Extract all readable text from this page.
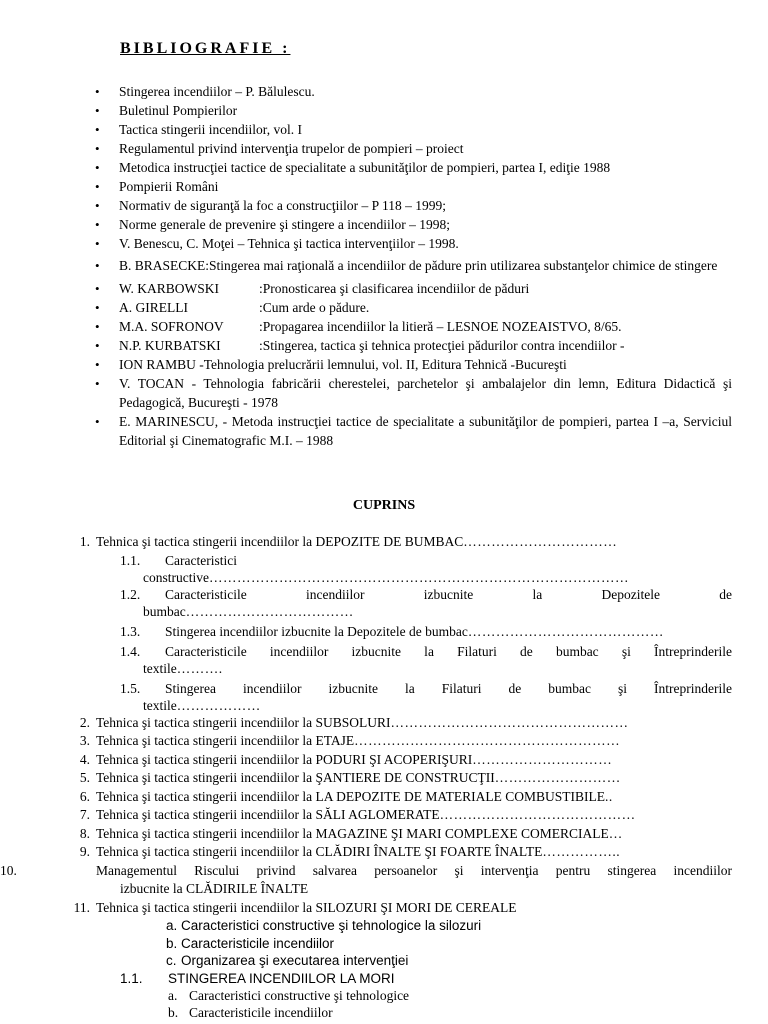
BIBLIOGRAFIE :
• Stingerea incendiilor – P. Bălulescu.
• Buletinul Pompierilor
• Tactica stingerii incendiilor, vol. I
• Regulamentul privind intervenţia trupelor de pompieri – proiect
• Metodica instrucţiei tactice de specialitate a subunităţilor de pompieri, partea I, ediţie 1988
• Pompierii Români
• Normativ de siguranţă la foc a construcţiilor – P 118 – 1999;
• Norme generale de prevenire şi stingere a incendiilor – 1998;
• V. Benescu, C. Moţei – Tehnica şi tactica intervenţiilor – 1998.
• B. BRASECKE:Stingerea mai raţională a incendiilor de pădure prin utilizarea substanţelor chimice de stingere
• W. KARBOWSKI	:Pronosticarea şi clasificarea incendiilor de păduri
• A. GIRELLI	:Cum arde o pădure.
• M.A. SOFRONOV	:Propagarea incendiilor la litieră – LESNOE NOZEAISTVO, 8/65.
• N.P. KURBATSKI	:Stingerea, tactica şi tehnica protecţiei pădurilor contra incendiilor -
• ION RAMBU -Tehnologia prelucrării lemnului, vol. II, Editura Tehnică -Bucureşti
• V. TOCAN - Tehnologia fabricării cherestelei, parchetelor şi ambalajelor din lemn, Editura Didactică şi Pedagogică, Bucureşti - 1978
• E. MARINESCU, - Metoda instrucţiei tactice de specialitate a subunităţilor de pompieri, partea I –a, Serviciul Editorial şi Cinematografic M.I. – 1988
CUPRINS
1. Tehnica şi tactica stingerii incendiilor la DEPOZITE DE BUMBAC……………………………
1.1. Caracteristici
constructive………………………………………………………………………………
1.2. Caracteristicile incendiilor izbucnite la Depozitele de
bumbac………………………………
1.3. Stingerea incendiilor izbucnite la Depozitele de bumbac……………………………………
1.4. Caracteristicile incendiilor izbucnite la Filaturi de bumbac şi Întreprinderile
textile……….
1.5. Stingerea incendiilor izbucnite la Filaturi de bumbac şi Întreprinderile
textile………………
2. Tehnica şi tactica stingerii incendiilor la SUBSOLURI……………………………………………
3. Tehnica şi tactica stingerii incendiilor la ETAJE…………………………………………………
4. Tehnica şi tactica stingerii incendiilor la PODURI ŞI ACOPERIŞURI…………………………
5. Tehnica şi tactica stingerii incendiilor la ŞANTIERE DE CONSTRUCŢII………………………
6. Tehnica şi tactica stingerii incendiilor la LA DEPOZITE DE MATERIALE COMBUSTIBILE..
7. Tehnica şi tactica stingerii incendiilor la SĂLI AGLOMERATE……………………………………
8. Tehnica şi tactica stingerii incendiilor la MAGAZINE ŞI MARI COMPLEXE COMERCIALE…
9. Tehnica şi tactica stingerii incendiilor la CLĂDIRI ÎNALTE ŞI FOARTE ÎNALTE……………..
10.	Managementul Riscului privind salvarea persoanelor şi intervenţia pentru stingerea incendiilor
izbucnite la CLĂDIRILE ÎNALTE
11. Tehnica şi tactica stingerii incendiilor la SILOZURI ŞI MORI DE CEREALE
a. Caracteristici constructive şi tehnologice la silozuri
b. Caracteristicile incendiilor
c. Organizarea şi executarea intervenţiei
1.1. STINGEREA INCENDIILOR LA MORI
a. Caracteristici constructive şi tehnologice
b. Caracteristicile incendiilor
